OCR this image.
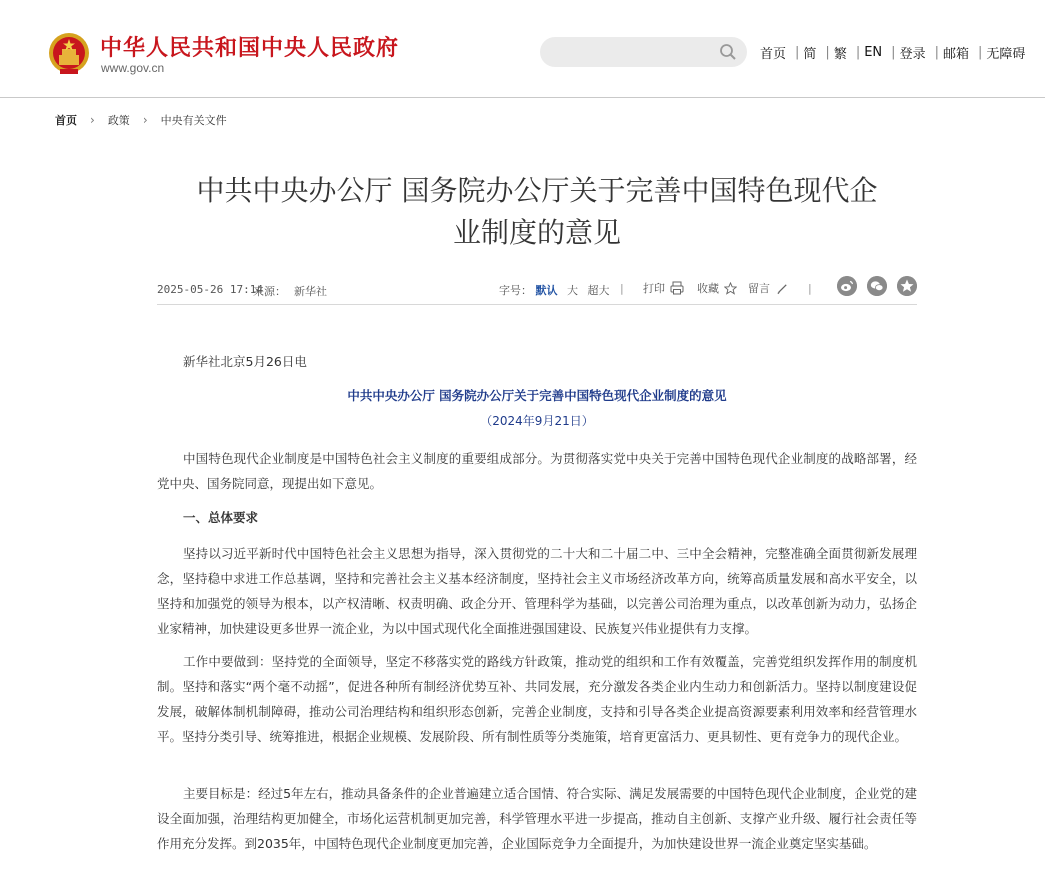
中华人民共和国中央人民政府
www.gov.cn
首页 | 简 | 繁 | EN | 登录 | 邮箱 | 无障碍
首页 › 政策 › 中央有关文件
中共中央办公厅 国务院办公厅关于完善中国特色现代企
业制度的意见
2025-05-26 17:14
来源： 新华社	字号： 默认 大 超大 | 打印	收藏	留言	|
新华社北京5月26日电
中共中央办公厅 国务院办公厅关于完善中国特色现代企业制度的意见
（2024年9月21日）

中国特色现代企业制度是中国特色社会主义制度的重要组成部分。为贯彻落实党中央关于完善中国特色现代企业制度的战略部署，经党中央、国务院同意，现提出如下意见。

一、总体要求

坚持以习近平新时代中国特色社会主义思想为指导，深入贯彻党的二十大和二十届二中、三中全会精神，完整准确全面贯彻新发展理念，坚持稳中求进工作总基调，坚持和完善社会主义基本经济制度，坚持社会主义市场经济改革方向，统筹高质量发展和高水平安全，以坚持和加强党的领导为根本，以产权清晰、权责明确、政企分开、管理科学为基础，以完善公司治理为重点，以改革创新为动力，弘扬企业家精神，加快建设更多世界一流企业，为以中国式现代化全面推进强国建设、民族复兴伟业提供有力支撑。

工作中要做到：坚持党的全面领导，坚定不移落实党的路线方针政策，推动党的组织和工作有效覆盖，完善党组织发挥作用的制度机制。坚持和落实“两个毫不动摇”，促进各种所有制经济优势互补、共同发展，充分激发各类企业内生动力和创新活力。坚持以制度建设促发展，破解体制机制障碍，推动公司治理结构和组织形态创新，完善企业制度，支持和引导各类企业提高资源要素利用效率和经营管理水平。坚持分类引导、统筹推进，根据企业规模、发展阶段、所有制性质等分类施策，培育更富活力、更具韧性、更有竞争力的现代企业。

主要目标是：经过5年左右，推动具备条件的企业普遍建立适合国情、符合实际、满足发展需要的中国特色现代企业制度，企业党的建设全面加强，治理结构更加健全，市场化运营机制更加完善，科学管理水平进一步提高，推动自主创新、支撑产业升级、履行社会责任等作用充分发挥。到2035年，中国特色现代企业制度更加完善，企业国际竞争力全面提升，为加快建设世界一流企业奠定坚实基础。
